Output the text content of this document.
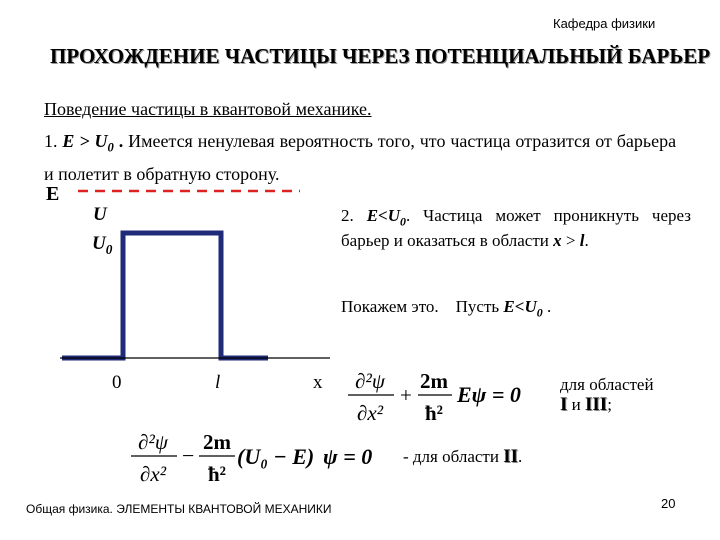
Кафедра физики
ПРОХОЖДЕНИЕ ЧАСТИЦЫ ЧЕРЕЗ ПОТЕНЦИАЛЬНЫЙ БАРЬЕР
Поведение частицы в квантовой механике.
1. $E > U_0$ . Имеется ненулевая вероятность того, что частица отразится от барьера и полетит в обратную сторону.
E
U
$U_0$
0	l	x
2. $E<U_0$. Частица может проникнуть через барьер и оказаться в области x > l.
Покажем это. Пусть $E<U_0$ .
∂²ψ
∂x²
+
2m
ħ²
Eψ = 0 для областей
I и III;
∂²ψ
∂x²
−
2m
ħ²
(U₀ − E) ψ = 0 - для области II.
Общая физика. ЭЛЕМЕНТЫ КВАНТОВОЙ МЕХАНИКИ	20
